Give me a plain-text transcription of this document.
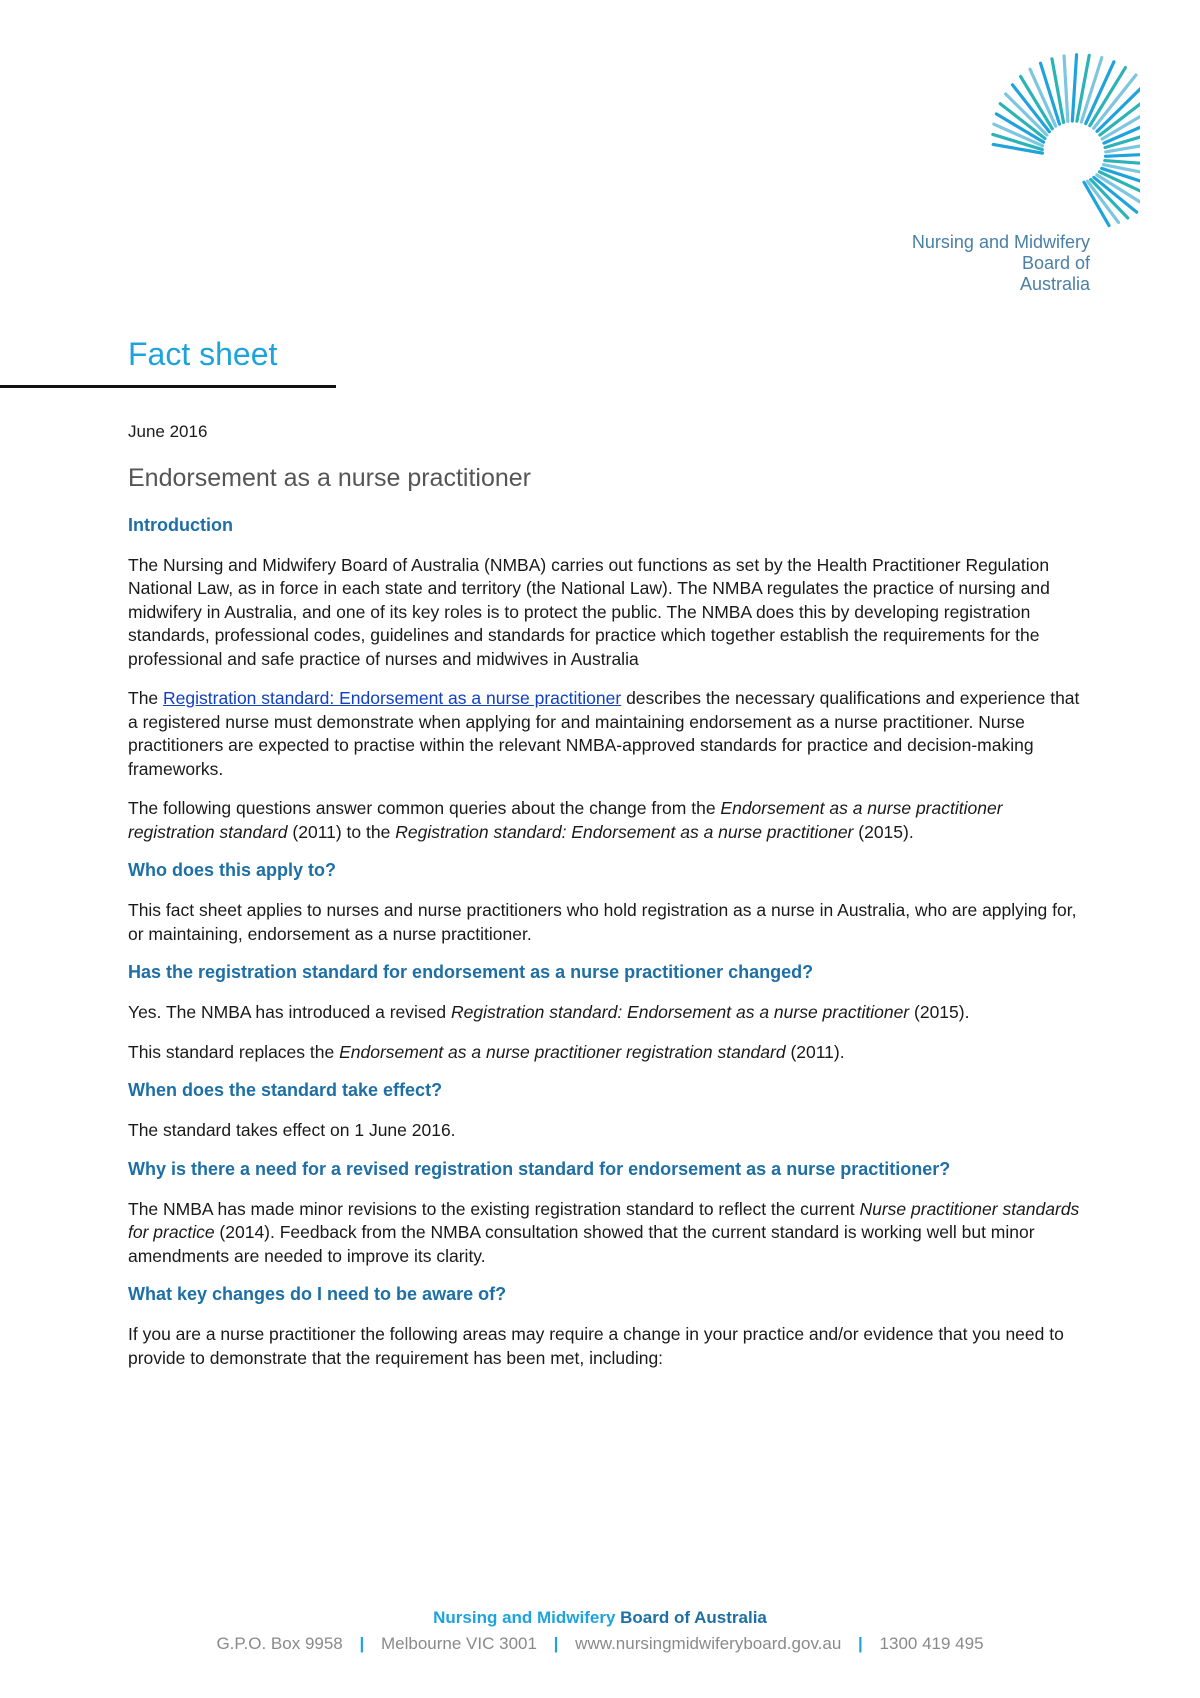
Nursing and Midwifery
Board of
Australia
Fact sheet

June 2016

Endorsement as a nurse practitioner
Introduction

The Nursing and Midwifery Board of Australia (NMBA) carries out functions as set by the Health Practitioner Regulation National Law, as in force in each state and territory (the National Law). The NMBA regulates the practice of nursing and midwifery in Australia, and one of its key roles is to protect the public. The NMBA does this by developing registration standards, professional codes, guidelines and standards for practice which together establish the requirements for the professional and safe practice of nurses and midwives in Australia

The Registration standard: Endorsement as a nurse practitioner describes the necessary qualifications and experience that a registered nurse must demonstrate when applying for and maintaining endorsement as a nurse practitioner. Nurse practitioners are expected to practise within the relevant NMBA-approved standards for practice and decision-making frameworks.

The following questions answer common queries about the change from the Endorsement as a nurse practitioner registration standard (2011) to the Registration standard: Endorsement as a nurse practitioner (2015).

Who does this apply to?

This fact sheet applies to nurses and nurse practitioners who hold registration as a nurse in Australia, who are applying for, or maintaining, endorsement as a nurse practitioner.

Has the registration standard for endorsement as a nurse practitioner changed?

Yes. The NMBA has introduced a revised Registration standard: Endorsement as a nurse practitioner (2015).

This standard replaces the Endorsement as a nurse practitioner registration standard (2011).

When does the standard take effect?

The standard takes effect on 1 June 2016.

Why is there a need for a revised registration standard for endorsement as a nurse practitioner?

The NMBA has made minor revisions to the existing registration standard to reflect the current Nurse practitioner standards for practice (2014). Feedback from the NMBA consultation showed that the current standard is working well but minor amendments are needed to improve its clarity.

What key changes do I need to be aware of?

If you are a nurse practitioner the following areas may require a change in your practice and/or evidence that you need to provide to demonstrate that the requirement has been met, including:

Nursing and Midwifery Board of Australia
G.P.O. Box 9958 | Melbourne VIC 3001 | www.nursingmidwiferyboard.gov.au | 1300 419 495
